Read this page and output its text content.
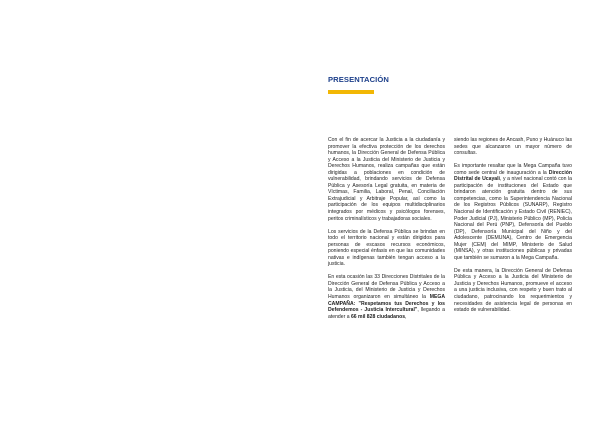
PRESENTACIÓN

Con el fin de acercar la Justicia a la ciudadanía y promover la efectiva protección de los derechos humanos, la Dirección General de Defensa Pública y Acceso a la Justicia del Ministerio de Justicia y Derechos Humanos, realiza campañas que están dirigidas a poblaciones en condición de vulnerabilidad, brindando servicios de Defensa Pública y Asesoría Legal gratuita, en materia de Víctimas, Familia, Laboral, Penal, Conciliación Extrajudicial y Arbitraje Popular, así como la participación de los equipos multidisciplinarios integrados por médicos y psicólogos forenses, peritos criminalísticos y trabajadoras sociales.

Los servicios de la Defensa Pública se brindan en todo el territorio nacional y están dirigidos para personas de escasos recursos económicos, poniendo especial énfasis en que las comunidades nativas e indígenas también tengan acceso a la justicia.

En esta ocasión las 33 Direcciones Distritales de la Dirección General de Defensa Pública y Acceso a la Justicia, del Ministerio de Justicia y Derechos Humanos organizaron en simultáneo la MEGA CAMPAÑA: "Respetamos tus Derechos y los Defendemos - Justicia Intercultural", llegando a atender a 66 mil 828 ciudadanos,

siendo las regiones de Ancash, Puno y Huánuco las sedes que alcanzaron un mayor número de consultas.

Es importante resaltar que la Mega Campaña tuvo como sede central de inauguración a la Dirección Distrital de Ucayali, y a nivel nacional contó con la participación de instituciones del Estado que brindaron atención gratuita dentro de sus competencias, como la Superintendencia Nacional de los Registros Públicos (SUNARP), Registro Nacional de Identificación y Estado Civil (RENIEC), Poder Judicial (PJ), Ministerio Público (MP), Policía Nacional del Perú (PNP), Defensoría del Pueblo (DP), Defensoría Municipal del Niño y del Adolescente (DEMUNA), Centro de Emergencia Mujer (CEM) del MIMP, Ministerio de Salud (MINSA), y otras instituciones públicas y privadas que también se sumaron a la Mega Campaña.

De esta manera, la Dirección General de Defensa Pública y Acceso a la Justicia del Ministerio de Justicia y Derechos Humanos, promueve el acceso a una justicia inclusiva, con respeto y buen trato al ciudadano, patrocinando los requerimientos y necesidades de asistencia legal de personas en estado de vulnerabilidad.
